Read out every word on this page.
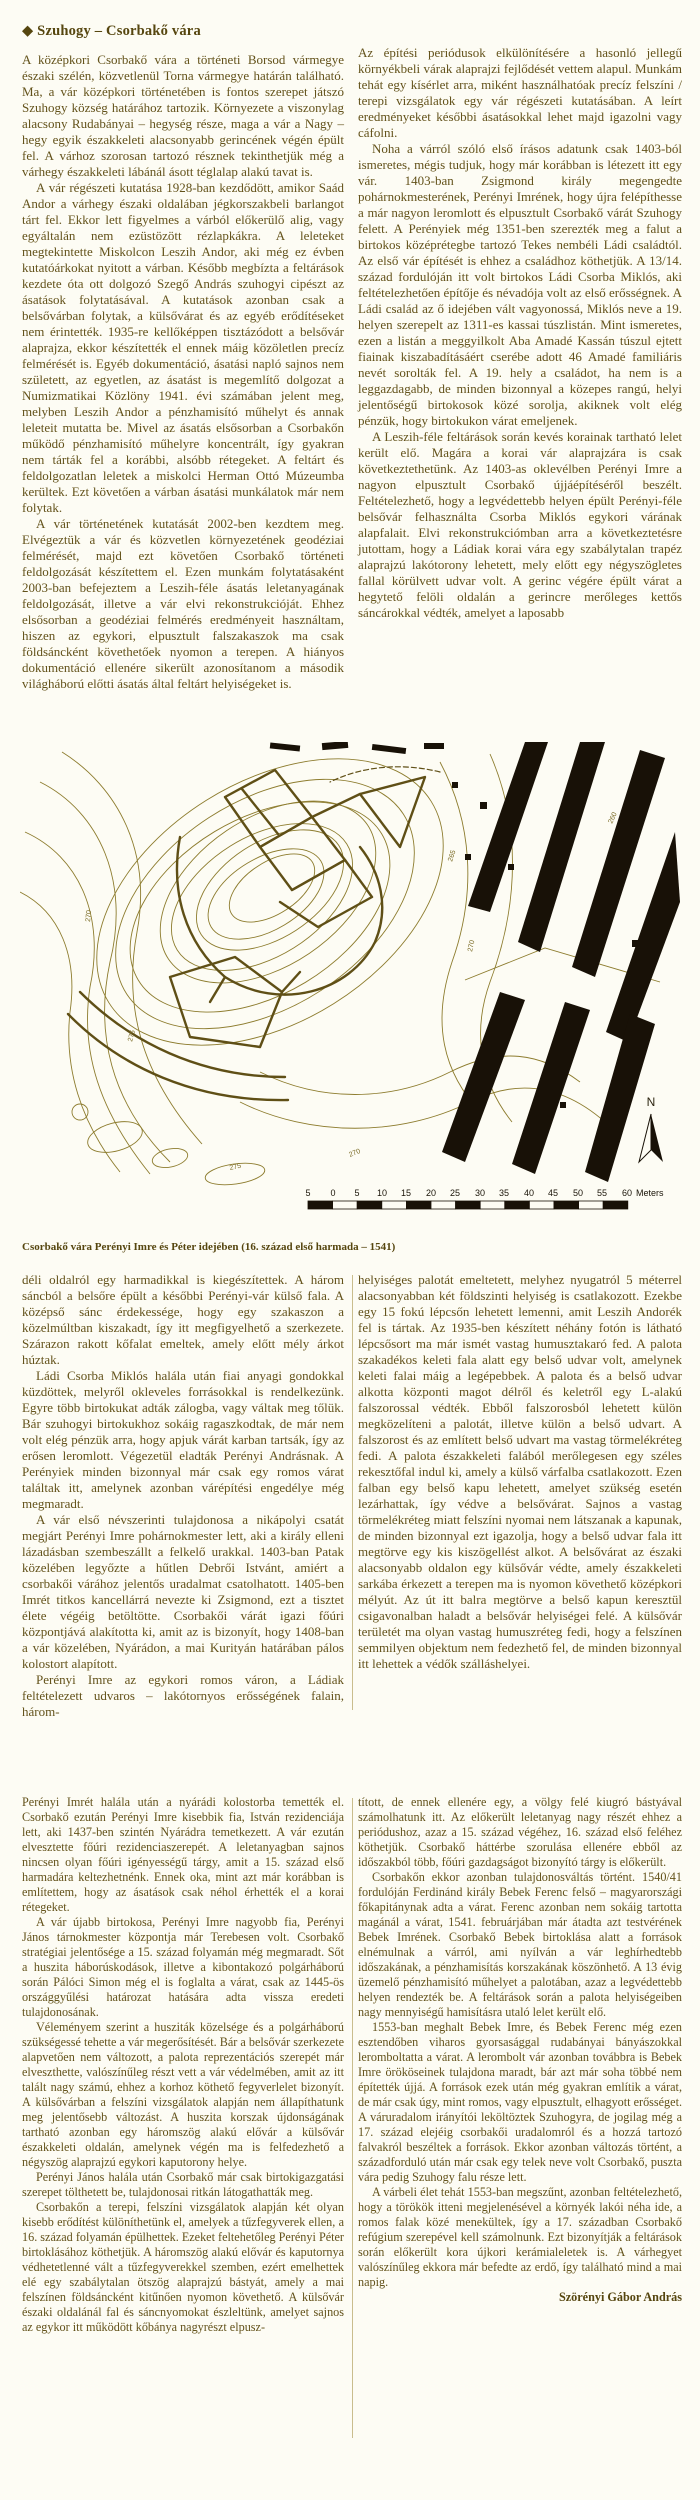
◆ Szuhogy – Csorbakő vára

A középkori Csorbakő vára a történeti Borsod vármegye északi szélén, közvetlenül Torna vármegye határán található. Ma, a vár középkori történetében is fontos szerepet játszó Szuhogy község határához tartozik. Környezete a viszonylag alacsony Rudabányai – hegység része, maga a vár a Nagy – hegy egyik északkeleti alacsonyabb gerincének végén épült fel. A várhoz szorosan tartozó résznek tekinthetjük még a várhegy északkeleti lábánál ásott téglalap alakú tavat is.

A vár régészeti kutatása 1928-ban kezdődött, amikor Saád Andor a várhegy északi oldalában jégkorszakbeli barlangot tárt fel. Ekkor lett figyelmes a várból előkerülő alig, vagy egyáltalán nem ezüstözött rézlapkákra. A leleteket megtekintette Miskolcon Leszih Andor, aki még ez évben kutatóárkokat nyitott a várban. Később megbízta a feltárások kezdete óta ott dolgozó Szegő András szuhogyi cipészt az ásatások folytatásával. A kutatások azonban csak a belsővárban folytak, a külsővárat és az egyéb erődítéseket nem érintették. 1935-re kellőképpen tisztázódott a belsővár alaprajza, ekkor készítették el ennek máig közöletlen precíz felmérését is. Egyéb dokumentáció, ásatási napló sajnos nem született, az egyetlen, az ásatást is megemlítő dolgozat a Numizmatikai Közlöny 1941. évi számában jelent meg, melyben Leszih Andor a pénzhamisító műhelyt és annak leleteit mutatta be. Mivel az ásatás elsősorban a Csorbakőn működő pénzhamisító műhelyre koncentrált, így gyakran nem tárták fel a korábbi, alsóbb rétegeket. A feltárt és feldolgozatlan leletek a miskolci Herman Ottó Múzeumba kerültek. Ezt követően a várban ásatási munkálatok már nem folytak.

A vár történetének kutatását 2002-ben kezdtem meg. Elvégeztük a vár és közvetlen környezetének geodéziai felmérését, majd ezt követően Csorbakő történeti feldolgozását készítettem el. Ezen munkám folytatásaként 2003-ban befejeztem a Leszih-féle ásatás leletanyagának feldolgozását, illetve a vár elvi rekonstrukcióját. Ehhez elsősorban a geodéziai felmérés eredményeit használtam, hiszen az egykori, elpusztult falszakaszok ma csak földsáncként követhetőek nyomon a terepen. A hiányos dokumentáció ellenére sikerült azonosítanom a második világháború előtti ásatás által feltárt helyiségeket is.

Az építési periódusok elkülönítésére a hasonló jellegű környékbeli várak alaprajzi fejlődését vettem alapul. Munkám tehát egy kísérlet arra, miként használhatóak precíz felszíni / terepi vizsgálatok egy vár régészeti kutatásában. A leírt eredményeket későbbi ásatásokkal lehet majd igazolni vagy cáfolni.

Noha a várról szóló első írásos adatunk csak 1403-ból ismeretes, mégis tudjuk, hogy már korábban is létezett itt egy vár. 1403-ban Zsigmond király megengedte pohárnokmesterének, Perényi Imrének, hogy újra felépíthesse a már nagyon leromlott és elpusztult Csorbakő várát Szuhogy felett. A Perényiek még 1351-ben szerezték meg a falut a birtokos középrétegbe tartozó Tekes nembéli Ládi családtól. Az első vár építését is ehhez a családhoz köthetjük. A 13/14. század fordulóján itt volt birtokos Ládi Csorba Miklós, aki feltételezhetően építője és névadója volt az első erősségnek. A Ládi család az ő idejében vált vagyonossá, Miklós neve a 19. helyen szerepelt az 1311-es kassai túszlistán. Mint ismeretes, ezen a listán a meggyilkolt Aba Amadé Kassán túszul ejtett fiainak kiszabadításáért cserébe adott 46 Amadé familiáris nevét sorolták fel. A 19. hely a családot, ha nem is a leggazdagabb, de minden bizonnyal a közepes rangú, helyi jelentőségű birtokosok közé sorolja, akiknek volt elég pénzük, hogy birtokukon várat emeljenek.

A Leszih-féle feltárások során kevés korainak tartható lelet került elő. Magára a korai vár alaprajzára is csak következtethetünk. Az 1403-as oklevélben Perényi Imre a nagyon elpusztult Csorbakő újjáépítéséről beszélt. Feltételezhető, hogy a legvédettebb helyen épült Perényi-féle belsővár felhasználta Csorba Miklós egykori várának alapfalait. Elvi rekonstrukciómban arra a következtetésre jutottam, hogy a Ládiak korai vára egy szabálytalan trapéz alaprajzú lakótorony lehetett, mely előtt egy négyszögletes fallal körülvett udvar volt. A gerinc végére épült várat a hegytető felöli oldalán a gerincre merőleges kettős sáncárokkal védték, amelyet a laposabb

275
270
265
270
260
275
270
N
5 0 5 10 15 20 25 30 35 40 45 50 55 60 Meters

Csorbakő vára Perényi Imre és Péter idejében (16. század első harmada – 1541)

déli oldalról egy harmadikkal is kiegészítettek. A három sáncból a belsőre épült a későbbi Perényi-vár külső fala. A középső sánc érdekessége, hogy egy szakaszon a közelmúltban kiszakadt, így itt megfigyelhető a szerkezete. Szárazon rakott kőfalat emeltek, amely előtt mély árkot húztak.

Ládi Csorba Miklós halála után fiai anyagi gondokkal küzdöttek, melyről okleveles forrásokkal is rendelkezünk. Egyre több birtokukat adták zálogba, vagy váltak meg tőlük. Bár szuhogyi birtokukhoz sokáig ragaszkodtak, de már nem volt elég pénzük arra, hogy apjuk várát karban tartsák, így az erősen leromlott. Végezetül eladták Perényi Andrásnak. A Perényiek minden bizonnyal már csak egy romos várat találtak itt, amelynek azonban várépítési engedélye még megmaradt.

A vár első névszerinti tulajdonosa a nikápolyi csatát megjárt Perényi Imre pohárnokmester lett, aki a király elleni lázadásban szembeszállt a felkelő urakkal. 1403-ban Patak közelében legyőzte a hűtlen Debrői Istvánt, amiért a csorbakői várához jelentős uradalmat csatolhatott. 1405-ben Imrét titkos kancellárrá nevezte ki Zsigmond, ezt a tisztet élete végéig betöltötte. Csorbakői várát igazi főúri központjává alakította ki, amit az is bizonyít, hogy 1408-ban a vár közelében, Nyárádon, a mai Kurityán határában pálos kolostort alapított.

Perényi Imre az egykori romos váron, a Ládiak feltételezett udvaros – lakótornyos erősségének falain, három-

helyiséges palotát emeltetett, melyhez nyugatról 5 méterrel alacsonyabban két földszinti helyiség is csatlakozott. Ezekbe egy 15 fokú lépcsőn lehetett lemenni, amit Leszih Andorék fel is tártak. Az 1935-ben készített néhány fotón is látható lépcsősort ma már ismét vastag humusztakaró fed. A palota szakadékos keleti fala alatt egy belső udvar volt, amelynek keleti falai máig a legépebbek. A palota és a belső udvar alkotta központi magot délről és keletről egy L-alakú falszorossal védték. Ebből falszorosból lehetett külön megközelíteni a palotát, illetve külön a belső udvart. A falszorost és az említett belső udvart ma vastag törmelékréteg fedi. A palota északkeleti falából merőlegesen egy széles rekesztőfal indul ki, amely a külső várfalba csatlakozott. Ezen falban egy belső kapu lehetett, amelyet szükség esetén lezárhattak, így védve a belsővárat. Sajnos a vastag törmelékréteg miatt felszíni nyomai nem látszanak a kapunak, de minden bizonnyal ezt igazolja, hogy a belső udvar fala itt megtörve egy kis kiszögellést alkot. A belsővárat az északi alacsonyabb oldalon egy külsővár védte, amely északkeleti sarkába érkezett a terepen ma is nyomon követhető középkori mélyút. Az út itt balra megtörve a belső kapun keresztül csigavonalban haladt a belsővár helyiségei felé. A külsővár területét ma olyan vastag humuszréteg fedi, hogy a felszínen semmilyen objektum nem fedezhető fel, de minden bizonnyal itt lehettek a védők szálláshelyei.

Perényi Imrét halála után a nyárádi kolostorba temették el. Csorbakő ezután Perényi Imre kisebbik fia, István rezidenciája lett, aki 1437-ben szintén Nyárádra temetkezett. A vár ezután elvesztette főúri rezidenciaszerepét. A leletanyagban sajnos nincsen olyan főúri igényességű tárgy, amit a 15. század első harmadára keltezhetnénk. Ennek oka, mint azt már korábban is említettem, hogy az ásatások csak néhol érhették el a korai rétegeket.

A vár újabb birtokosa, Perényi Imre nagyobb fia, Perényi János tárnokmester központja már Terebesen volt. Csorbakő stratégiai jelentősége a 15. század folyamán még megmaradt. Sőt a huszita háborúskodások, illetve a kibontakozó polgárháború során Pálóci Simon még el is foglalta a várat, csak az 1445-ös országgyűlési határozat hatására adta vissza eredeti tulajdonosának.

Véleményem szerint a husziták közelsége és a polgárháború szükségessé tehette a vár megerősítését. Bár a belsővár szerkezete alapvetően nem változott, a palota reprezentációs szerepét már elveszthette, valószínűleg részt vett a vár védelmében, amit az itt talált nagy számú, ehhez a korhoz köthető fegyverlelet bizonyít. A külsővárban a felszíni vizsgálatok alapján nem állapíthatunk meg jelentősebb változást. A huszita korszak újdonságának tartható azonban egy háromszög alakú elővár a külsővár északkeleti oldalán, amelynek végén ma is felfedezhető a négyszög alaprajzú egykori kaputorony helye.

Perényi János halála után Csorbakő már csak birtokigazgatási szerepet tölthetett be, tulajdonosai ritkán látogathatták meg.

Csorbakőn a terepi, felszíni vizsgálatok alapján két olyan kisebb erődítést különíthetünk el, amelyek a tűzfegyverek ellen, a 16. század folyamán épülhettek. Ezeket feltehetőleg Perényi Péter birtoklásához köthetjük. A háromszög alakú elővár és kaputornya védhetetlenné vált a tűzfegyverekkel szemben, ezért emelhettek elé egy szabálytalan ötszög alaprajzú bástyát, amely a mai felszínen földsáncként kitűnően nyomon követhető. A külsővár északi oldalánál fal és sáncnyomokat észleltünk, amelyet sajnos az egykor itt működött kőbánya nagyrészt elpusz-

tított, de ennek ellenére egy, a völgy felé kiugró bástyával számolhatunk itt. Az előkerült leletanyag nagy részét ehhez a periódushoz, azaz a 15. század végéhez, 16. század első feléhez köthetjük. Csorbakő háttérbe szorulása ellenére ebből az időszakból több, főúri gazdagságot bizonyító tárgy is előkerült.

Csorbakőn ekkor azonban tulajdonosváltás történt. 1540/41 fordulóján Ferdinánd király Bebek Ferenc felső – magyarországi főkapitánynak adta a várat. Ferenc azonban nem sokáig tartotta magánál a várat, 1541. februárjában már átadta azt testvérének Bebek Imrének. Csorbakő Bebek birtoklása alatt a források elnémulnak a várról, ami nyílván a vár leghírhedtebb időszakának, a pénzhamisítás korszakának köszönhető. A 13 évig üzemelő pénzhamisító műhelyet a palotában, azaz a legvédettebb helyen rendezték be. A feltárások során a palota helyiségeiben nagy mennyiségű hamisításra utaló lelet került elő.

1553-ban meghalt Bebek Imre, és Bebek Ferenc még ezen esztendőben viharos gyorsasággal rudabányai bányászokkal leromboltatta a várat. A lerombolt vár azonban továbbra is Bebek Imre örököseinek tulajdona maradt, bár azt már soha többé nem építették újjá. A források ezek után még gyakran említik a várat, de már csak úgy, mint romos, vagy elpusztult, elhagyott erősséget. A váruradalom irányítói leköltöztek Szuhogyra, de jogilag még a 17. század elejéig csorbakői uradalomról és a hozzá tartozó falvakról beszéltek a források. Ekkor azonban változás történt, a századforduló után már csak egy telek neve volt Csorbakő, puszta vára pedig Szuhogy falu része lett.

A várbeli élet tehát 1553-ban megszűnt, azonban feltételezhető, hogy a törökök itteni megjelenésével a környék lakói néha ide, a romos falak közé menekültek, így a 17. században Csorbakő refúgium szerepével kell számolnunk. Ezt bizonyítják a feltárások során előkerült kora újkori kerámialeletek is. A várhegyet valószínűleg ekkora már befedte az erdő, így található mind a mai napig.

Szörényi Gábor András
